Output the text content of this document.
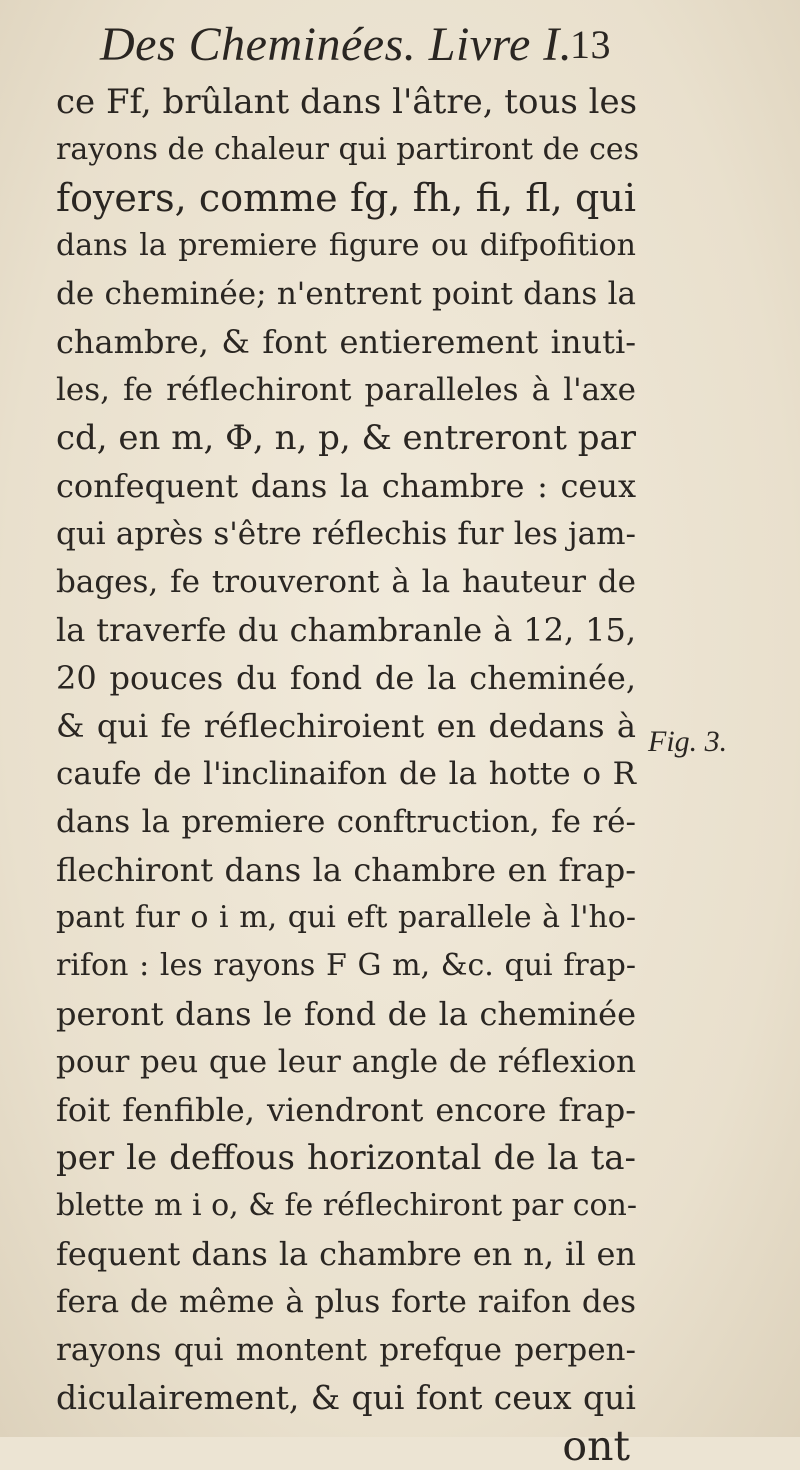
Des Cheminées. Livre I.
13
ce Ff, brûlant dans l'âtre, tous les
rayons de chaleur qui partiront de ces
foyers, comme fg, fh, fi, fl, qui
dans la premiere figure ou difpofition
de cheminée; n'entrent point dans la
chambre, & font entierement inuti-
les, fe réflechiront paralleles à l'axe
cd, en m, Φ, n, p, & entreront par
confequent dans la chambre : ceux
qui après s'être réflechis fur les jam-
bages, fe trouveront à la hauteur de
la traverfe du chambranle à 12, 15,
20 pouces du fond de la cheminée,
& qui fe réflechiroient en dedans à
caufe de l'inclinaifon de la hotte o R
dans la premiere conftruction, fe ré-
flechiront dans la chambre en frap-
pant fur o i m, qui eft parallele à l'ho-
rifon : les rayons F G m, &c. qui frap-
peront dans le fond de la cheminée
pour peu que leur angle de réflexion
foit fenfible, viendront encore frap-
per le deffous horizontal de la ta-
blette m i o, & fe réflechiront par con-
fequent dans la chambre en n, il en
fera de même à plus forte raifon des
rayons qui montent prefque perpen-
diculairement, & qui font ceux qui
ont
Fig. 3.
